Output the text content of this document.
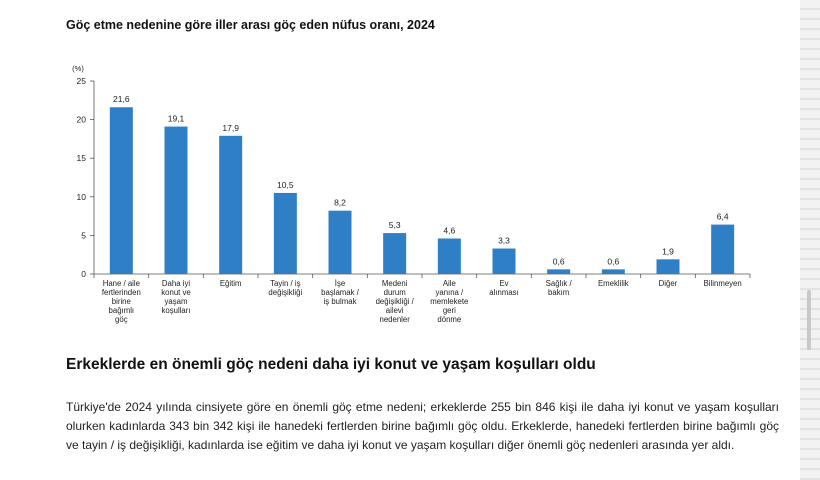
Göç etme nedenine göre iller arası göç eden nüfus oranı, 2024
(%)
0
5
10
15
20
25
21,6
Hane / aile fertlerinden birine bağımlı göç
19,1
Daha iyi konut ve yaşam koşulları
17,9
Eğitim
10,5
Tayin / iş değişikliği
8,2
İşe başlamak / iş bulmak
5,3
Medeni durum değişikliği / ailevi nedenler
4,6
Aile yanına / memlekete geri dönme
3,3
Ev alınması
0,6
Sağlık / bakım
0,6
Emeklilik
1,9
Diğer
6,4
Bilinmeyen
Erkeklerde en önemli göç nedeni daha iyi konut ve yaşam koşulları oldu
Türkiye'de 2024 yılında cinsiyete göre en önemli göç etme nedeni; erkeklerde 255 bin 846 kişi ile daha iyi konut ve yaşam koşulları olurken kadınlarda 343 bin 342 kişi ile hanedeki fertlerden birine bağımlı göç oldu. Erkeklerde, hanedeki fertlerden birine bağımlı göç ve tayin / iş değişikliği, kadınlarda ise eğitim ve daha iyi konut ve yaşam koşulları diğer önemli göç nedenleri arasında yer aldı.
